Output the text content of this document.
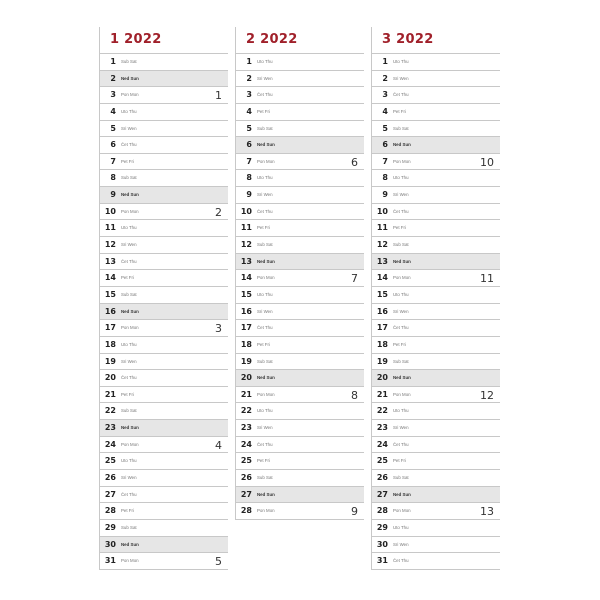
1 2022
1 Sub Sat
2 Ned Sun
3 Pon Mon	1
4 Uto Thu
5 Sri Wen
6 Čet Thu
7 Pet Fri
8 Sub Sat
9 Ned Sun
10 Pon Mon	2
11 Uto Thu
12 Sri Wen
13 Čet Thu
14 Pet Fri
15 Sub Sat
16 Ned Sun
17 Pon Mon	3
18 Uto Thu
19 Sri Wen
20 Čet Thu
21 Pet Fri
22 Sub Sat
23 Ned Sun
24 Pon Mon	4
25 Uto Thu
26 Sri Wen
27 Čet Thu
28 Pet Fri
29 Sub Sat
30 Ned Sun
31 Pon Mon	5
2 2022
1 Uto Thu
2 Sri Wen
3 Čet Thu
4 Pet Fri
5 Sub Sat
6 Ned Sun
7 Pon Mon	6
8 Uto Thu
9 Sri Wen
10 Čet Thu
11 Pet Fri
12 Sub Sat
13 Ned Sun
14 Pon Mon	7
15 Uto Thu
16 Sri Wen
17 Čet Thu
18 Pet Fri
19 Sub Sat
20 Ned Sun
21 Pon Mon	8
22 Uto Thu
23 Sri Wen
24 Čet Thu
25 Pet Fri
26 Sub Sat
27 Ned Sun
28 Pon Mon	9
3 2022
1 Uto Thu
2 Sri Wen
3 Čet Thu
4 Pet Fri
5 Sub Sat
6 Ned Sun
7 Pon Mon	10
8 Uto Thu
9 Sri Wen
10 Čet Thu
11 Pet Fri
12 Sub Sat
13 Ned Sun
14 Pon Mon	11
15 Uto Thu
16 Sri Wen
17 Čet Thu
18 Pet Fri
19 Sub Sat
20 Ned Sun
21 Pon Mon	12
22 Uto Thu
23 Sri Wen
24 Čet Thu
25 Pet Fri
26 Sub Sat
27 Ned Sun
28 Pon Mon	13
29 Uto Thu
30 Sri Wen
31 Čet Thu
